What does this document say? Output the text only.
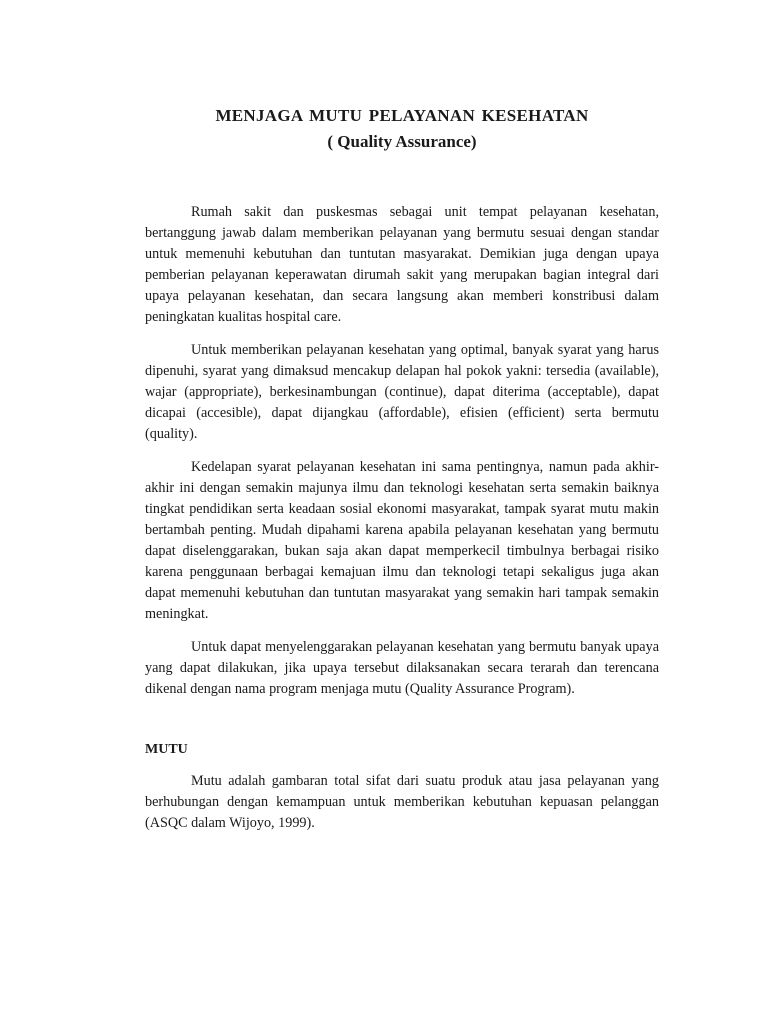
MENJAGA MUTU PELAYANAN KESEHATAN
( Quality Assurance)

Rumah sakit dan puskesmas sebagai unit tempat pelayanan kesehatan, bertanggung jawab dalam memberikan pelayanan yang bermutu sesuai dengan standar untuk memenuhi kebutuhan dan tuntutan masyarakat. Demikian juga dengan upaya pemberian pelayanan keperawatan dirumah sakit yang merupakan bagian integral dari upaya pelayanan kesehatan, dan secara langsung akan memberi konstribusi dalam peningkatan kualitas hospital care.

Untuk memberikan pelayanan kesehatan yang optimal, banyak syarat yang harus dipenuhi, syarat yang dimaksud mencakup delapan hal pokok yakni: tersedia (available), wajar (appropriate), berkesinambungan (continue), dapat diterima (acceptable), dapat dicapai (accesible), dapat dijangkau (affordable), efisien (efficient) serta bermutu (quality).

Kedelapan syarat pelayanan kesehatan ini sama pentingnya, namun pada akhir-akhir ini dengan semakin majunya ilmu dan teknologi kesehatan serta semakin baiknya tingkat pendidikan serta keadaan sosial ekonomi masyarakat, tampak syarat mutu makin bertambah penting. Mudah dipahami karena apabila pelayanan kesehatan yang bermutu dapat diselenggarakan, bukan saja akan dapat memperkecil timbulnya berbagai risiko karena penggunaan berbagai kemajuan ilmu dan teknologi tetapi sekaligus juga akan dapat memenuhi kebutuhan dan tuntutan masyarakat yang semakin hari tampak semakin meningkat.

Untuk dapat menyelenggarakan pelayanan kesehatan yang bermutu banyak upaya yang dapat dilakukan, jika upaya tersebut dilaksanakan secara terarah dan terencana dikenal dengan nama program menjaga mutu (Quality Assurance Program).

MUTU

Mutu adalah gambaran total sifat dari suatu produk atau jasa pelayanan yang berhubungan dengan kemampuan untuk memberikan kebutuhan kepuasan pelanggan (ASQC dalam Wijoyo, 1999).
